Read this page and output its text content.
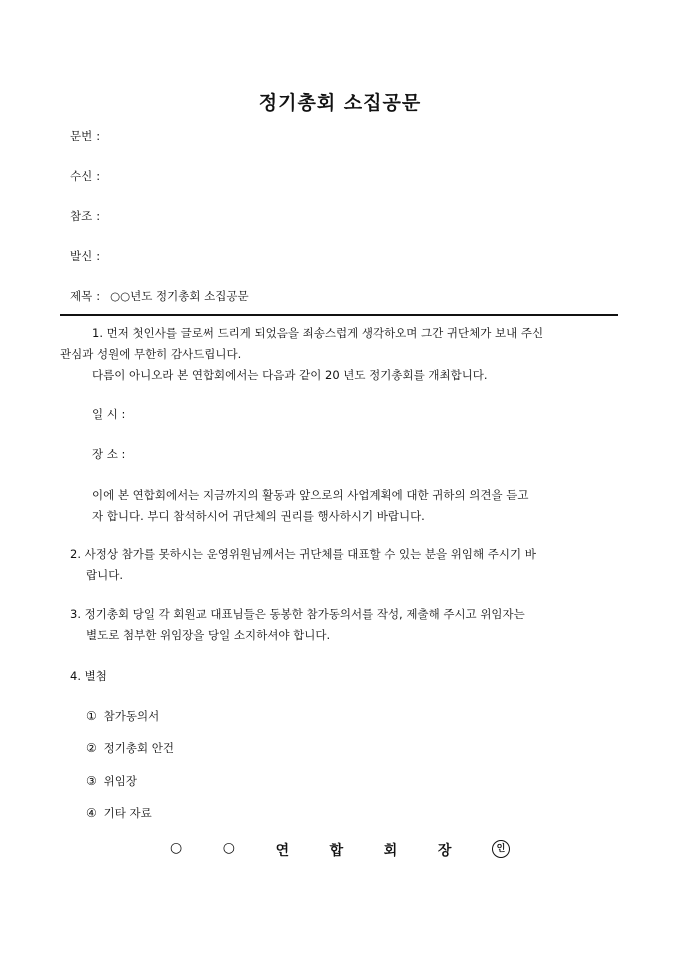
정기총회 소집공문
문번 :
수신 :
참조 :
발신 :
제목 : ○○년도 정기총회 소집공문
1. 먼저 첫인사를 글로써 드리게 되었음을 죄송스럽게 생각하오며 그간 귀단체가 보내 주신
관심과 성원에 무한히 감사드립니다.
다름이 아니오라 본 연합회에서는 다음과 같이 20 년도 정기총회를 개최합니다.
일 시 :
장 소 :
이에 본 연합회에서는 지금까지의 활동과 앞으로의 사업계획에 대한 귀하의 의견을 듣고
자 합니다. 부디 참석하시어 귀단체의 권리를 행사하시기 바랍니다.
2. 사정상 참가를 못하시는 운영위원님께서는 귀단체를 대표할 수 있는 분을 위임해 주시기 바
랍니다.
3. 정기총회 당일 각 회원교 대표님들은 동봉한 참가동의서를 작성, 제출해 주시고 위임자는
별도로 첨부한 위임장을 당일 소지하셔야 합니다.
4. 별첨
① 참가동의서
② 정기총회 안건
③ 위임장
④ 기타 자료
○	○	연	합	회	장	인
